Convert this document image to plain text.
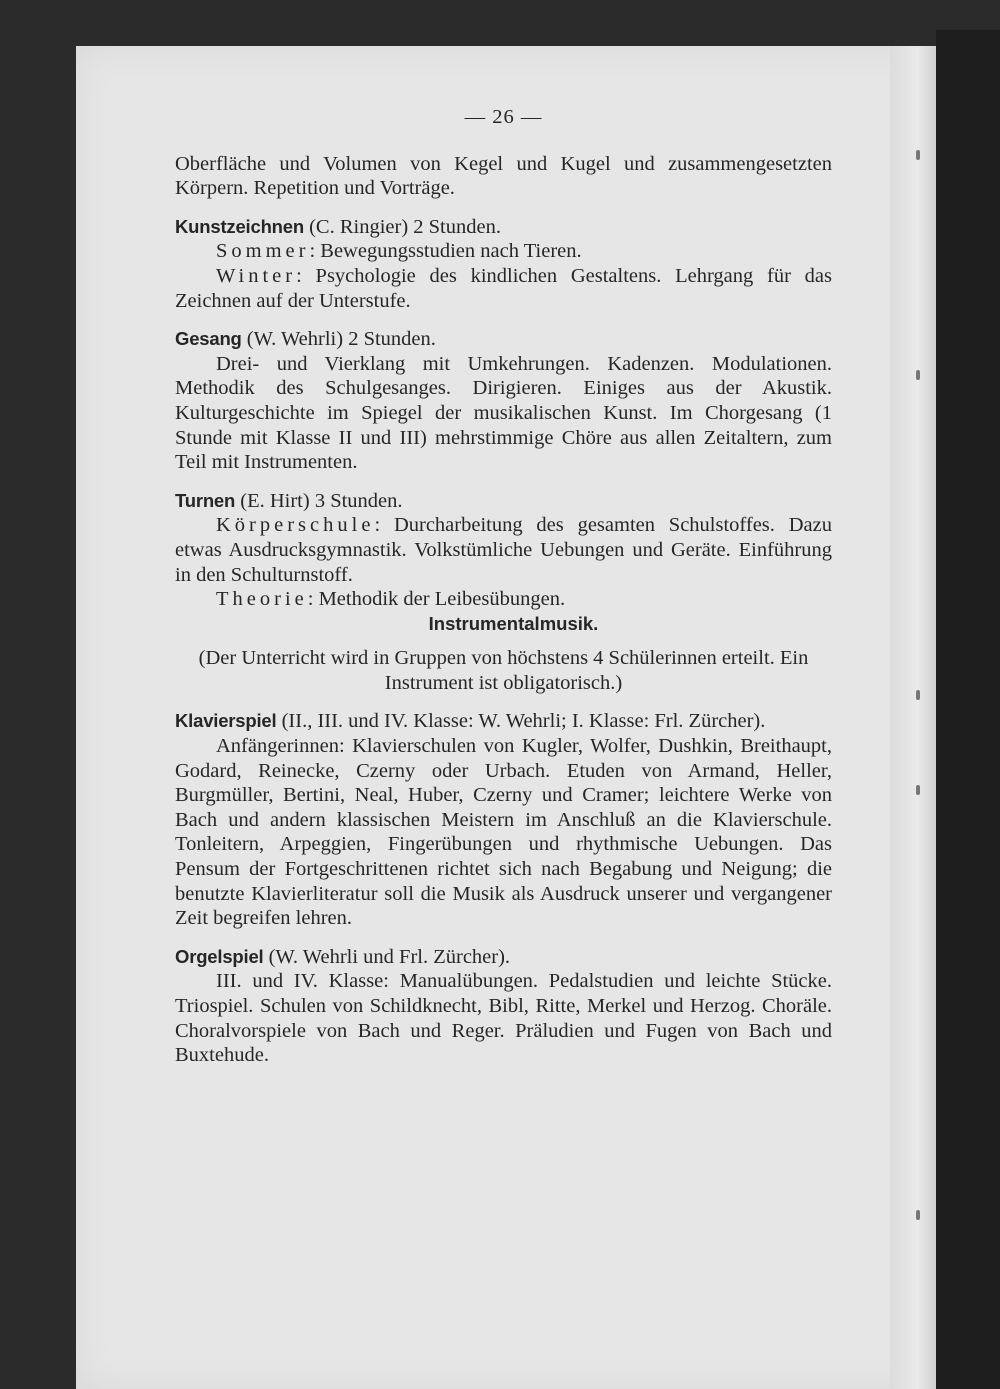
— 26 —

Oberfläche und Volumen von Kegel und Kugel und zusammengesetzten Körpern. Repetition und Vorträge.

Kunstzeichnen (C. Ringier) 2 Stunden.

Sommer: Bewegungsstudien nach Tieren.

Winter: Psychologie des kindlichen Gestaltens. Lehrgang für das Zeichnen auf der Unterstufe.

Gesang (W. Wehrli) 2 Stunden.

Drei- und Vierklang mit Umkehrungen. Kadenzen. Modulationen. Methodik des Schulgesanges. Dirigieren. Einiges aus der Akustik. Kulturgeschichte im Spiegel der musikalischen Kunst. Im Chorgesang (1 Stunde mit Klasse II und III) mehrstimmige Chöre aus allen Zeitaltern, zum Teil mit Instrumenten.

Turnen (E. Hirt) 3 Stunden.

Körperschule: Durcharbeitung des gesamten Schulstoffes. Dazu etwas Ausdrucksgymnastik. Volkstümliche Uebungen und Geräte. Einführung in den Schulturnstoff.

Theorie: Methodik der Leibesübungen.

Instrumentalmusik.

(Der Unterricht wird in Gruppen von höchstens 4 Schülerinnen erteilt. Ein Instrument ist obligatorisch.)

Klavierspiel (II., III. und IV. Klasse: W. Wehrli; I. Klasse: Frl. Zürcher).

Anfängerinnen: Klavierschulen von Kugler, Wolfer, Dushkin, Breithaupt, Godard, Reinecke, Czerny oder Urbach. Etuden von Armand, Heller, Burgmüller, Bertini, Neal, Huber, Czerny und Cramer; leichtere Werke von Bach und andern klassischen Meistern im Anschluß an die Klavierschule. Tonleitern, Arpeggien, Fingerübungen und rhythmische Uebungen. Das Pensum der Fortgeschrittenen richtet sich nach Begabung und Neigung; die benutzte Klavierliteratur soll die Musik als Ausdruck unserer und vergangener Zeit begreifen lehren.

Orgelspiel (W. Wehrli und Frl. Zürcher).

III. und IV. Klasse: Manualübungen. Pedalstudien und leichte Stücke. Triospiel. Schulen von Schildknecht, Bibl, Ritte, Merkel und Herzog. Choräle. Choralvorspiele von Bach und Reger. Präludien und Fugen von Bach und Buxtehude.
